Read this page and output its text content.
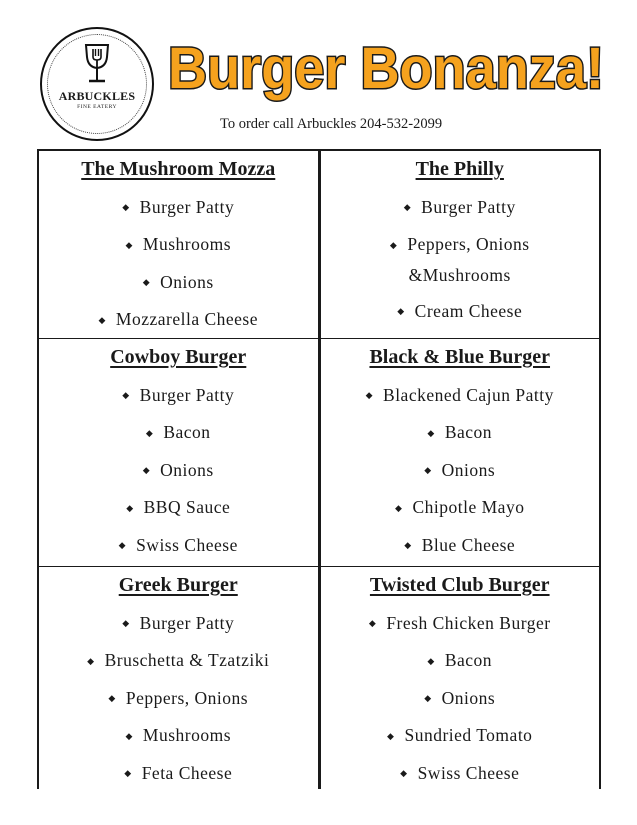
ARBUCKLES
FINE EATERY
Burger Bonanza!
To order call Arbuckles 204-532-2099
The Mushroom Mozza
◆ Burger Patty
◆ Mushrooms
◆ Onions
◆ Mozzarella Cheese
The Philly
◆ Burger Patty
◆ Peppers, Onions &Mushrooms
◆ Cream Cheese
Cowboy Burger
◆ Burger Patty
◆ Bacon
◆ Onions
◆ BBQ Sauce
◆ Swiss Cheese
Black & Blue Burger
◆ Blackened Cajun Patty
◆ Bacon
◆ Onions
◆ Chipotle Mayo
◆ Blue Cheese
Greek Burger
◆ Burger Patty
◆ Bruschetta & Tzatziki
◆ Peppers, Onions
◆ Mushrooms
◆ Feta Cheese
Twisted Club Burger
◆ Fresh Chicken Burger
◆ Bacon
◆ Onions
◆ Sundried Tomato
◆ Swiss Cheese
